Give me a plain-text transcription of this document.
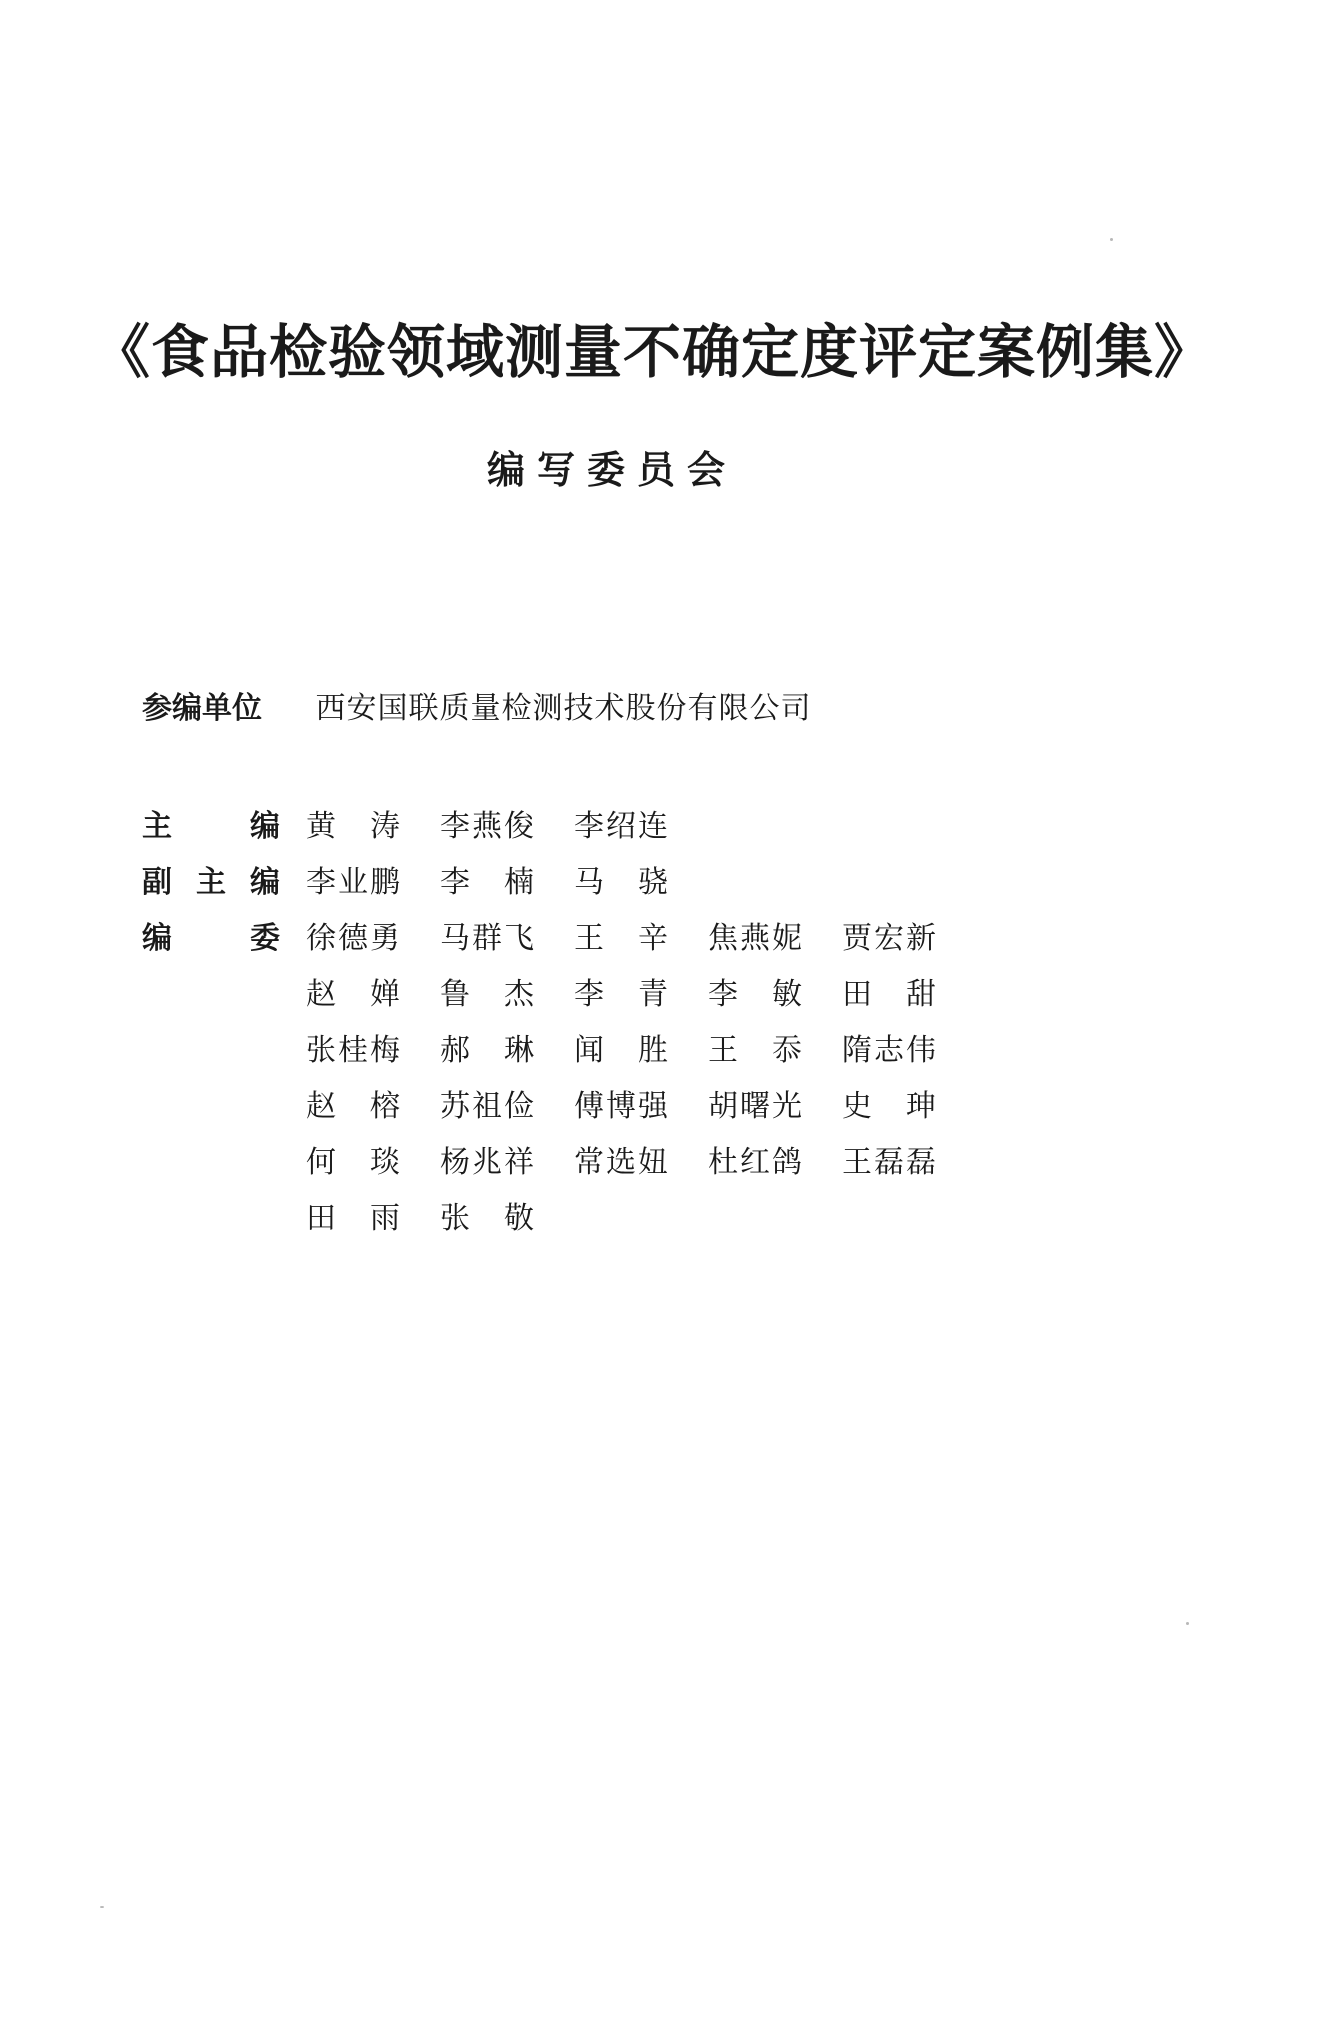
《食品检验领域测量不确定度评定案例集》
编写委员会
参编单位 西安国联质量检测技术股份有限公司
主编 黄涛 李燕俊	李绍连
副主编 李业鹏	李楠 马骁
编委 徐德勇	马群飞	王辛 焦燕妮	贾宏新
赵婵 鲁杰 李青 李敏 田甜
张桂梅	郝琳 闻胜 王忝 隋志伟
赵榕 苏祖俭	傅博强	胡曙光	史珅
何琰 杨兆祥	常选妞	杜红鸽	王磊磊
田雨 张敬
